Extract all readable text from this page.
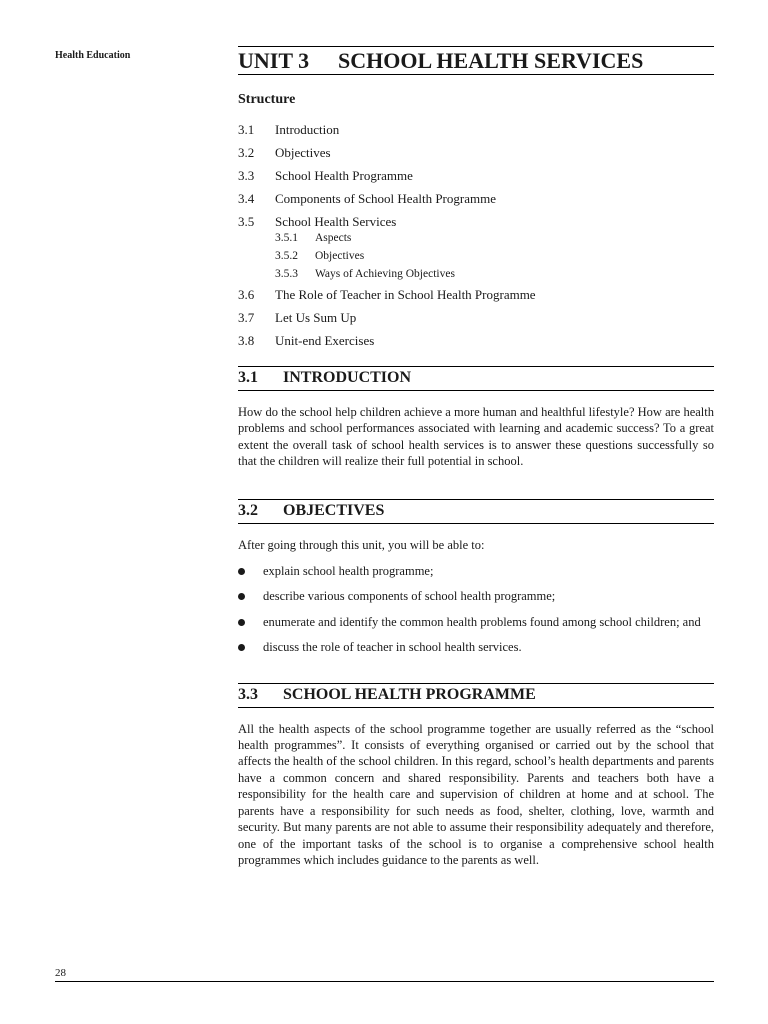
Health Education	UNIT 3 SCHOOL HEALTH SERVICES
Structure
3.1 Introduction
3.2 Objectives
3.3 School Health Programme
3.4 Components of School Health Programme
3.5 School Health Services
3.5.1 Aspects
3.5.2 Objectives
3.5.3 Ways of Achieving Objectives
3.6 The Role of Teacher in School Health Programme
3.7 Let Us Sum Up
3.8 Unit-end Exercises
3.1 INTRODUCTION

How do the school help children achieve a more human and healthful lifestyle? How are health problems and school performances associated with learning and academic success? To a great extent the overall task of school health services is to answer these questions successfully so that the children will realize their full potential in school.

3.2 OBJECTIVES

After going through this unit, you will be able to:

explain school health programme;
describe various components of school health programme;
enumerate and identify the common health problems found among school children; and
discuss the role of teacher in school health services.
3.3 SCHOOL HEALTH PROGRAMME

All the health aspects of the school programme together are usually referred as the “school health programmes”. It consists of everything organised or carried out by the school that affects the health of the school children. In this regard, school’s health departments and parents have a common concern and shared responsibility. Parents and teachers both have a responsibility for the health care and supervision of children at home and at school. The parents have a responsibility for such needs as food, shelter, clothing, love, warmth and security. But many parents are not able to assume their responsibility adequately and therefore, one of the important tasks of the school is to organise a comprehensive school health programmes which includes guidance to the parents as well.

28
